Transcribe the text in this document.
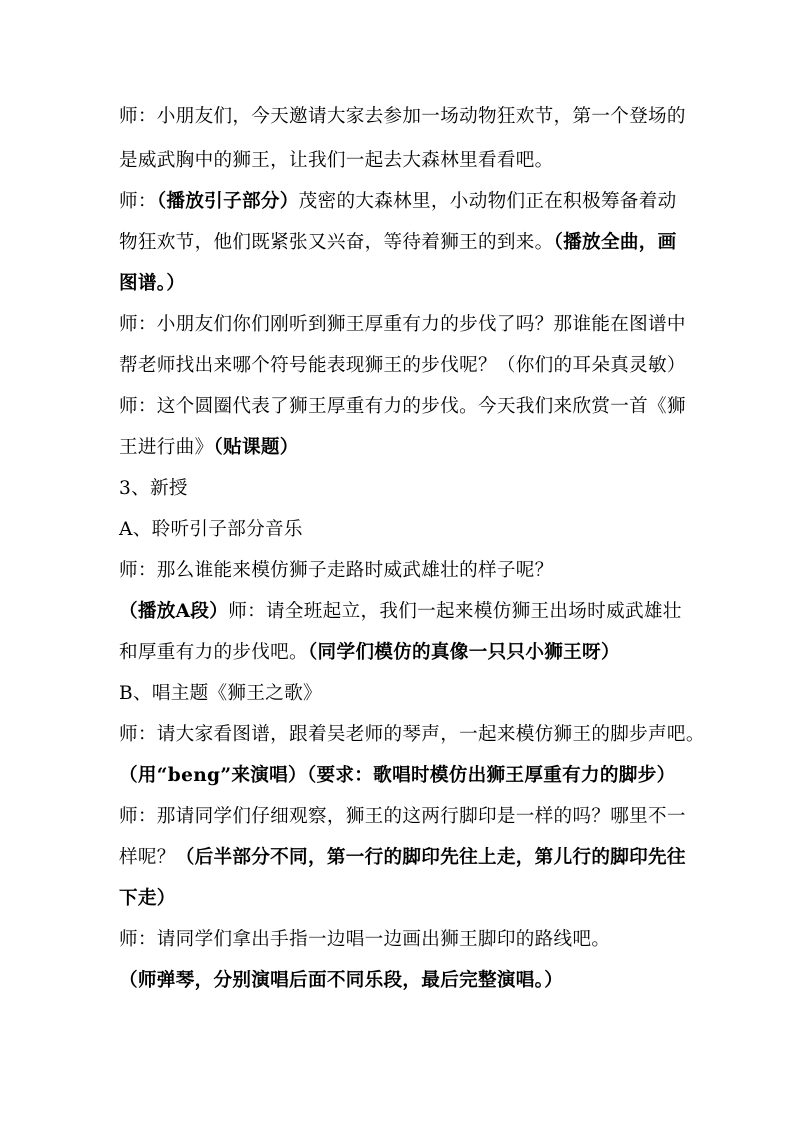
师：小朋友们，今天邀请大家去参加一场动物狂欢节，第一个登场的
是威武胸中的狮王，让我们一起去大森林里看看吧。
师：（播放引子部分）茂密的大森林里，小动物们正在积极筹备着动
物狂欢节，他们既紧张又兴奋，等待着狮王的到来。（播放全曲，画
图谱。）
师：小朋友们你们刚听到狮王厚重有力的步伐了吗？那谁能在图谱中
帮老师找出来哪个符号能表现狮王的步伐呢？（你们的耳朵真灵敏）
师：这个圆圈代表了狮王厚重有力的步伐。今天我们来欣赏一首《狮
王进行曲》（贴课题）
3、新授
A、聆听引子部分音乐
师：那么谁能来模仿狮子走路时威武雄壮的样子呢？
（播放A段）师：请全班起立，我们一起来模仿狮王出场时威武雄壮
和厚重有力的步伐吧。（同学们模仿的真像一只只小狮王呀）
B、唱主题《狮王之歌》
师：请大家看图谱，跟着吴老师的琴声，一起来模仿狮王的脚步声吧。
（用“beng”来演唱）（要求：歌唱时模仿出狮王厚重有力的脚步）
师：那请同学们仔细观察，狮王的这两行脚印是一样的吗？哪里不一
样呢？（后半部分不同，第一行的脚印先往上走，第儿行的脚印先往
下走）
师：请同学们拿出手指一边唱一边画出狮王脚印的路线吧。
（师弹琴，分别演唱后面不同乐段，最后完整演唱。）
